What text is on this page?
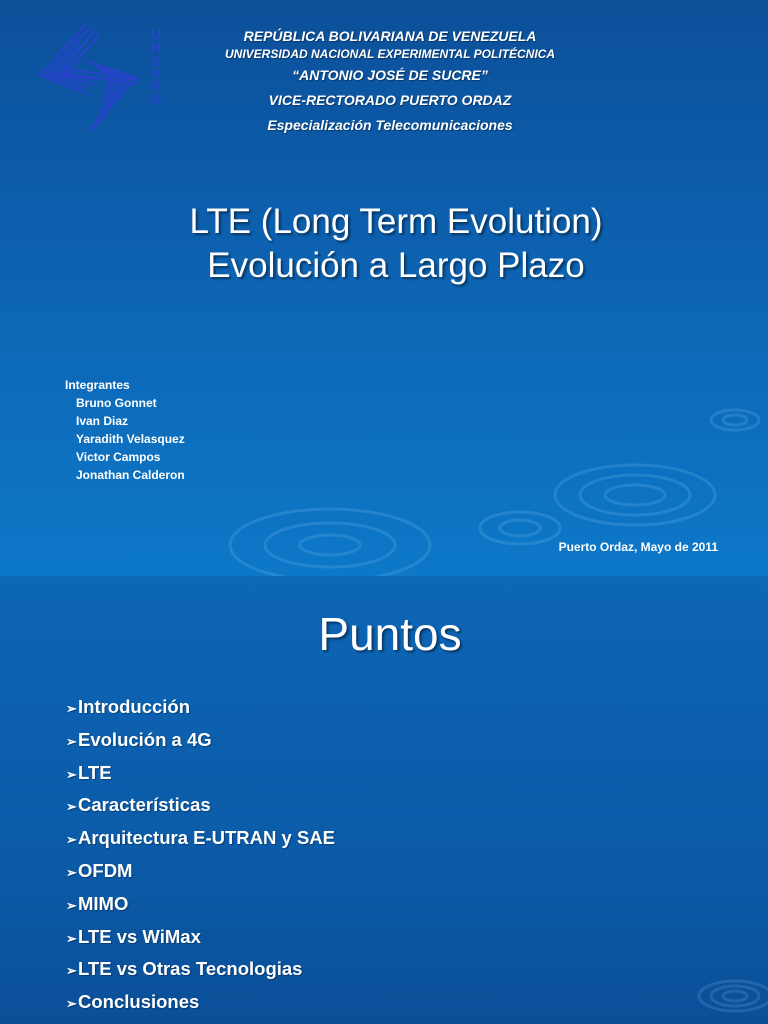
UNEXPO
REPÚBLICA BOLIVARIANA DE VENEZUELA
UNIVERSIDAD NACIONAL EXPERIMENTAL POLITÉCNICA
“ANTONIO JOSÉ DE SUCRE”
VICE-RECTORADO PUERTO ORDAZ
Especialización Telecomunicaciones
LTE (Long Term Evolution)
Evolución a Largo Plazo
Integrantes
Bruno Gonnet
Ivan Diaz
Yaradith Velasquez
Victor Campos
Jonathan Calderon
Puerto Ordaz, Mayo de 2011
Puntos
➢Introducción
➢Evolución a 4G
➢LTE
➢Características
➢Arquitectura E-UTRAN y SAE
➢OFDM
➢MIMO
➢LTE vs WiMax
➢LTE vs Otras Tecnologias
➢Conclusiones
